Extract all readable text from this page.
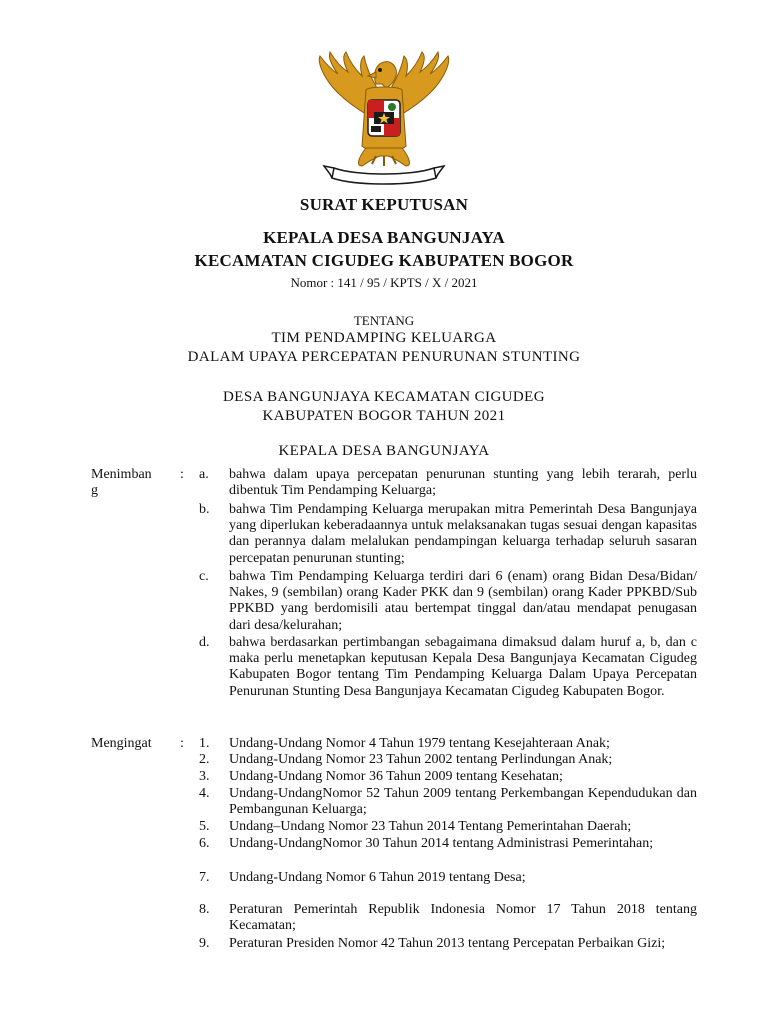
SURAT KEPUTUSAN
KEPALA DESA BANGUNJAYA
KECAMATAN CIGUDEG KABUPATEN BOGOR
Nomor : 141 / 95 / KPTS / X / 2021
TENTANG
TIM PENDAMPING KELUARGA
DALAM UPAYA PERCEPATAN PENURUNAN STUNTING
DESA BANGUNJAYA KECAMATAN CIGUDEG
KABUPATEN BOGOR TAHUN 2021
KEPALA DESA BANGUNJAYA
Menimban
g
: a.	bahwa dalam upaya percepatan penurunan stunting yang lebih terarah, perlu dibentuk Tim Pendamping Keluarga;
b.	bahwa Tim Pendamping Keluarga merupakan mitra Pemerintah Desa Bangunjaya yang diperlukan keberadaannya untuk melaksanakan tugas sesuai dengan kapasitas dan perannya dalam melalukan pendampingan keluarga terhadap seluruh sasaran percepatan penurunan stunting;
c.	bahwa Tim Pendamping Keluarga terdiri dari 6 (enam) orang Bidan Desa/Bidan/ Nakes, 9 (sembilan) orang Kader PKK dan 9 (sembilan) orang Kader PPKBD/Sub PPKBD yang berdomisili atau bertempat tinggal dan/atau mendapat penugasan dari desa/kelurahan;
d.	bahwa berdasarkan pertimbangan sebagaimana dimaksud dalam huruf a, b, dan c maka perlu menetapkan keputusan Kepala Desa Bangunjaya Kecamatan Cigudeg Kabupaten Bogor tentang Tim Pendamping Keluarga Dalam Upaya Percepatan Penurunan Stunting Desa Bangunjaya Kecamatan Cigudeg Kabupaten Bogor.
Mengingat : 1.	Undang-Undang Nomor 4 Tahun 1979 tentang Kesejahteraan Anak;
2.	Undang-Undang Nomor 23 Tahun 2002 tentang Perlindungan Anak;
3.	Undang-Undang Nomor 36 Tahun 2009 tentang Kesehatan;
4.	Undang-UndangNomor 52 Tahun 2009 tentang Perkembangan Kependudukan dan Pembangunan Keluarga;
5.	Undang–Undang Nomor 23 Tahun 2014 Tentang Pemerintahan Daerah;
6.	Undang-UndangNomor 30 Tahun 2014 tentang Administrasi Pemerintahan;
7.	Undang-Undang Nomor 6 Tahun 2019 tentang Desa;
8.	Peraturan Pemerintah Republik Indonesia Nomor 17 Tahun 2018 tentang Kecamatan;
9.	Peraturan Presiden Nomor 42 Tahun 2013 tentang Percepatan Perbaikan Gizi;
